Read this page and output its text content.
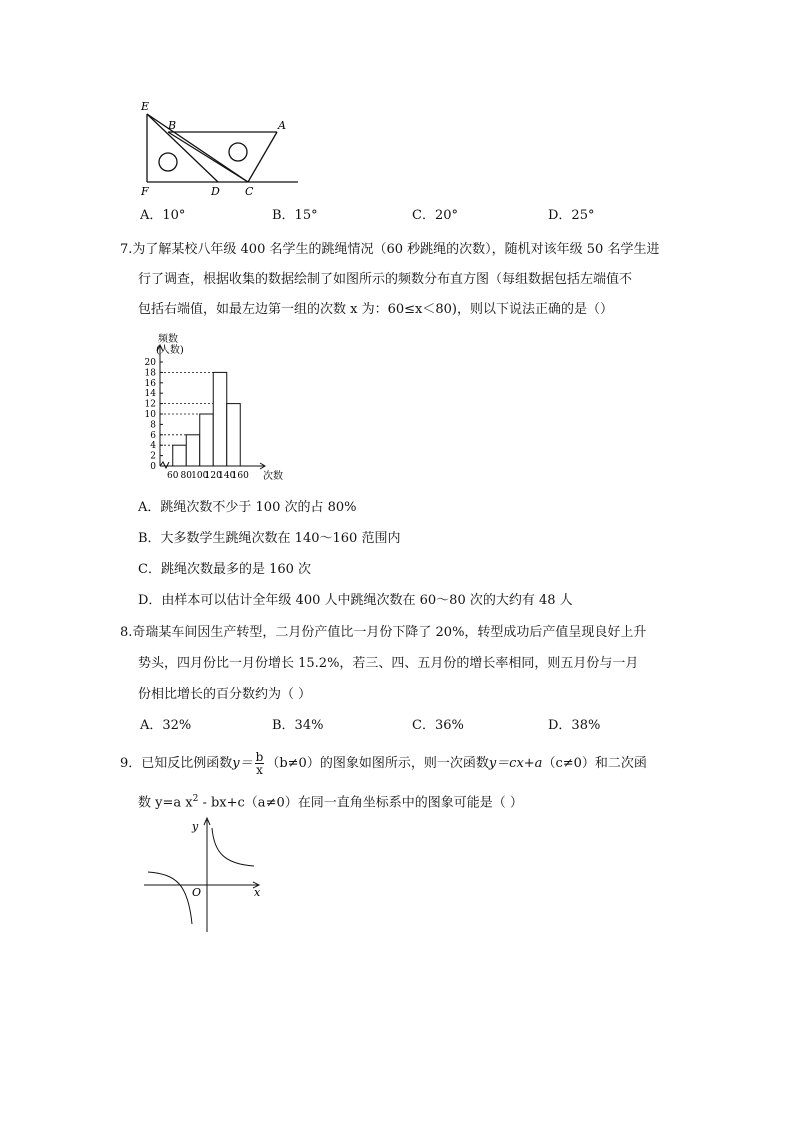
E
B	A
F	D C
A．10°	B．15°	C．20°	D．25°
7.为了解某校八年级 400 名学生的跳绳情况（60 秒跳绳的次数），随机对该年级 50 名学生进
行了调查，根据收集的数据绘制了如图所示的频数分布直方图（每组数据包括左端值不
包括右端值，如最左边第一组的次数 x 为：60≤x＜80)，则以下说法正确的是（）
0
2
4
6
8
10
12
14
16
18
20
60 80 100
120
140
160
频数
(人数)
次数
A．跳绳次数不少于 100 次的占 80%
B．大多数学生跳绳次数在 140～160 范围内
C．跳绳次数最多的是 160 次
D．由样本可以估计全年级 400 人中跳绳次数在 60～80 次的大约有 48 人
8.奇瑞某车间因生产转型，二月份产值比一月份下降了 20%，转型成功后产值呈现良好上升
势头，四月份比一月份增长 15.2%，若三、四、五月份的增长率相同，则五月份与一月
份相比增长的百分数约为（ ）
A．32%	B．34%	C．36%	D．38%
9．已知反比例函数$y= \frac{b}{x} (b\ne 0)$的图象如图所示，则一次函数y＝cx+a（c≠0）和二次函
数 y=a $x^2 - bx+c(a\ne 0)$在同一直角坐标系中的图象可能是（ ）
y
x
O
